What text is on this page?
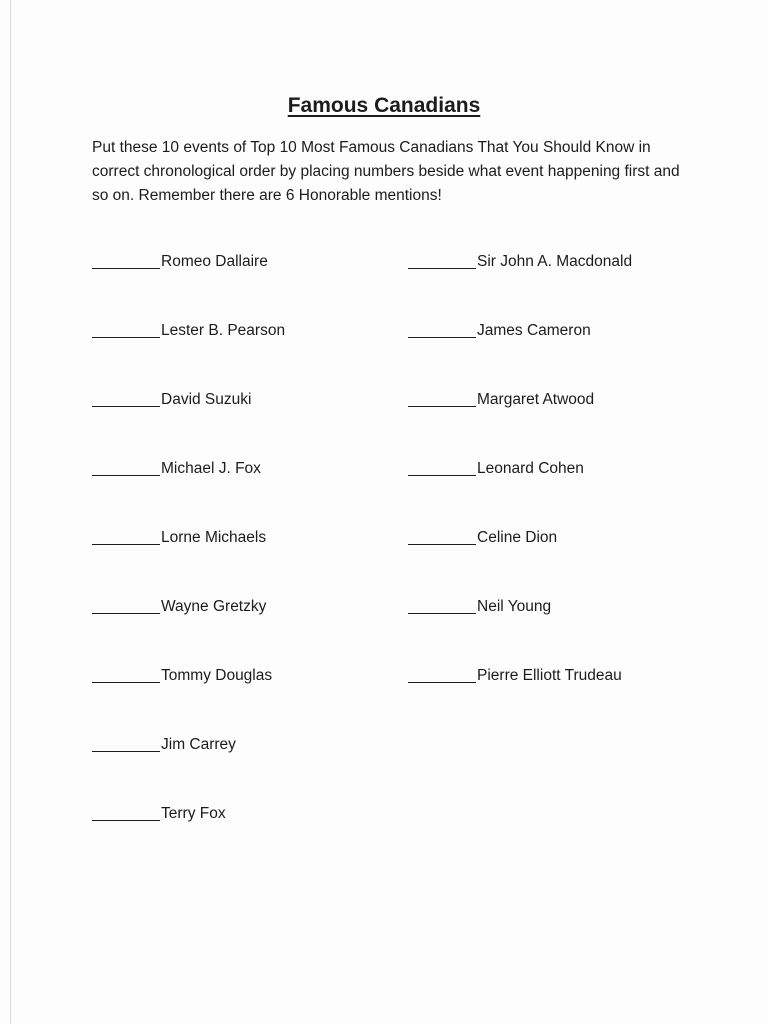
Famous Canadians
Put these 10 events of Top 10 Most Famous Canadians That You Should Know in correct chronological order by placing numbers beside what event happening first and so on. Remember there are 6 Honorable mentions!
Romeo Dallaire
Lester B. Pearson
David Suzuki
Michael J. Fox
Lorne Michaels
Wayne Gretzky
Tommy Douglas
Jim Carrey
Terry Fox
Sir John A. Macdonald
James Cameron
Margaret Atwood
Leonard Cohen
Celine Dion
Neil Young
Pierre Elliott Trudeau
